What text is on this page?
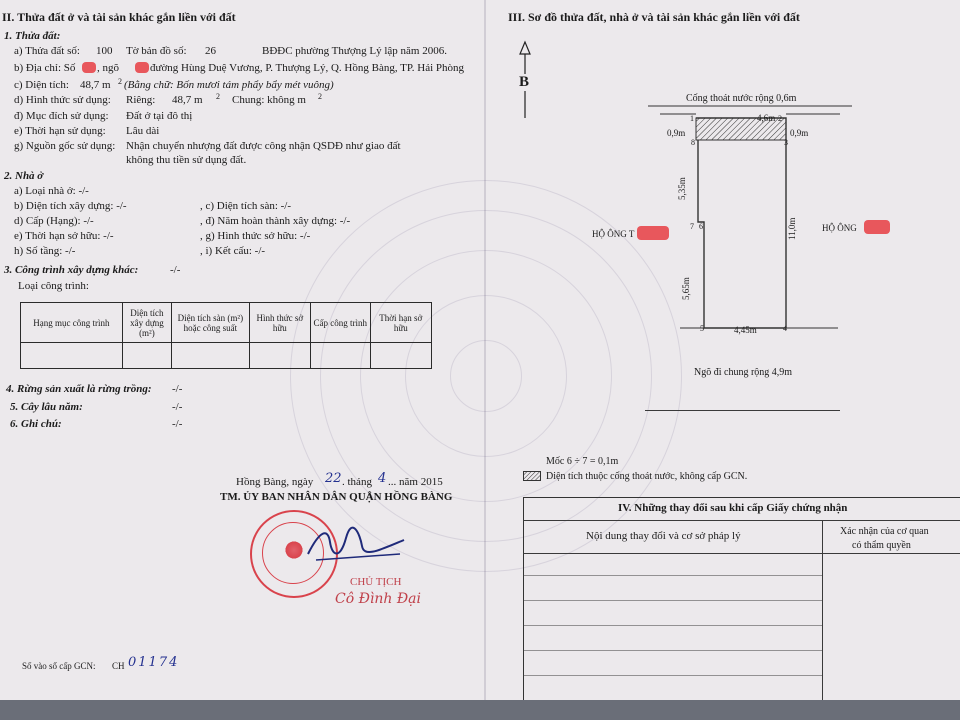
II. Thửa đất ở và tài sản khác gắn liền với đất
1. Thửa đất:
a) Thửa đất số: 100 Tờ bản đồ số: 26	BĐĐC phường Thượng Lý lập năm 2006.
b) Địa chỉ: Số , ngõ	đường Hùng Duệ Vương, P. Thượng Lý, Q. Hồng Bàng, TP. Hải Phòng
c) Diện tích: 48,7 m 2 (Bằng chữ: Bốn mươi tám phẩy bẩy mét vuông)
d) Hình thức sử dụng: Riêng: 48,7 m 2 Chung: không m 2
đ) Mục đích sử dụng: Đất ở tại đô thị
e) Thời hạn sử dụng: Lâu dài
g) Nguồn gốc sử dụng: Nhận chuyển nhượng đất được công nhận QSDĐ như giao đất
không thu tiền sử dụng đất.
2. Nhà ở
a) Loại nhà ở: -/-
b) Diện tích xây dựng: -/-	, c) Diện tích sàn: -/-
d) Cấp (Hạng): -/-	, đ) Năm hoàn thành xây dựng: -/-
e) Thời hạn sở hữu: -/-	, g) Hình thức sở hữu: -/-
h) Số tầng: -/-	, i) Kết cấu: -/-
3. Công trình xây dựng khác:	-/-
Loại công trình:
Hạng mục công trình	Diện tích xây dựng (m²)	Diện tích sàn (m²) hoặc công suất	Hình thức sở hữu	Cấp công trình	Thời hạn sở hữu

4. Rừng sản xuất là rừng trồng: -/-
5. Cây lâu năm:	-/-
6. Ghi chú:	-/-
Hồng Bàng, ngày 22 . tháng 4 ... năm 2015
TM. ỦY BAN NHÂN DÂN QUẬN HỒNG BÀNG
CHỦ TỊCH
Cô Đình Đại
Số vào sổ cấp GCN: CH 01174
III. Sơ đồ thửa đất, nhà ở và tài sản khác gắn liền với đất
B
Cống thoát nước rộng 0,6m
4,6m
0,9m	0,9m
1	2
3
8
7 6
5	4
5,35m
5,65m
11,0m
4,45m
HỘ ÔNG T
HỘ ÔNG
Ngõ đi chung rộng 4,9m
Mốc 6 ÷ 7 = 0,1m
Diện tích thuộc cống thoát nước, không cấp GCN.
IV. Những thay đổi sau khi cấp Giấy chứng nhận
Nội dung thay đổi và cơ sở pháp lý	Xác nhận của cơ quan
có thẩm quyền
